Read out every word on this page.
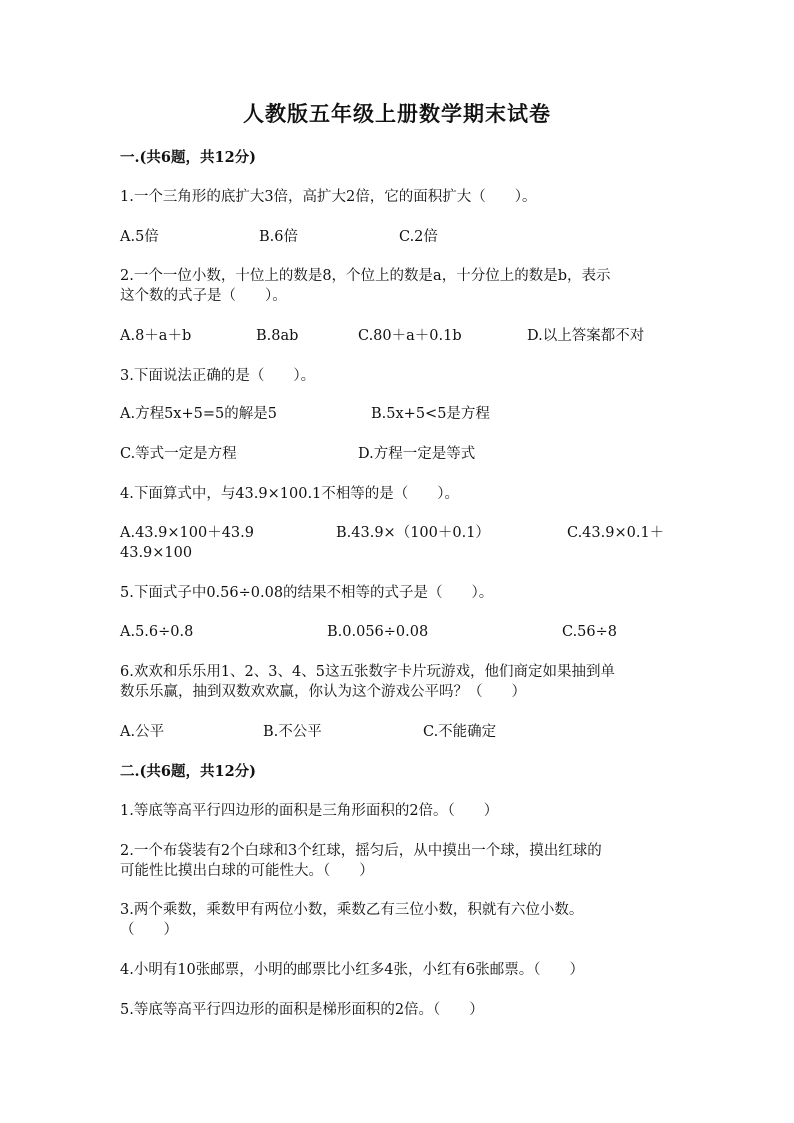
人教版五年级上册数学期末试卷
一.(共6题，共12分)
1.一个三角形的底扩大3倍，高扩大2倍，它的面积扩大（　　）。
A.5倍	B.6倍	C.2倍
2.一个一位小数，十位上的数是8，个位上的数是a，十分位上的数是b，表示
这个数的式子是（　　）。
A.8＋a＋b	B.8ab	C.80＋a＋0.1b	D.以上答案都不对
3.下面说法正确的是（　　）。
A.方程5x+5=5的解是5	B.5x+5<5是方程
C.等式一定是方程	D.方程一定是等式
4.下面算式中，与43.9×100.1不相等的是（　　）。
A.43.9×100＋43.9	B.43.9×（100＋0.1）	C.43.9×0.1＋
43.9×100
5.下面式子中0.56÷0.08的结果不相等的式子是（　　）。
A.5.6÷0.8	B.0.056÷0.08	C.56÷8
6.欢欢和乐乐用1、2、3、4、5这五张数字卡片玩游戏，他们商定如果抽到单
数乐乐赢，抽到双数欢欢赢，你认为这个游戏公平吗？（　　）
A.公平	B.不公平	C.不能确定
二.(共6题，共12分)
1.等底等高平行四边形的面积是三角形面积的2倍。（　　）
2.一个布袋装有2个白球和3个红球，摇匀后，从中摸出一个球，摸出红球的
可能性比摸出白球的可能性大。（　　）
3.两个乘数，乘数甲有两位小数，乘数乙有三位小数，积就有六位小数。
（　　）
4.小明有10张邮票，小明的邮票比小红多4张，小红有6张邮票。（　　）
5.等底等高平行四边形的面积是梯形面积的2倍。（　　）
